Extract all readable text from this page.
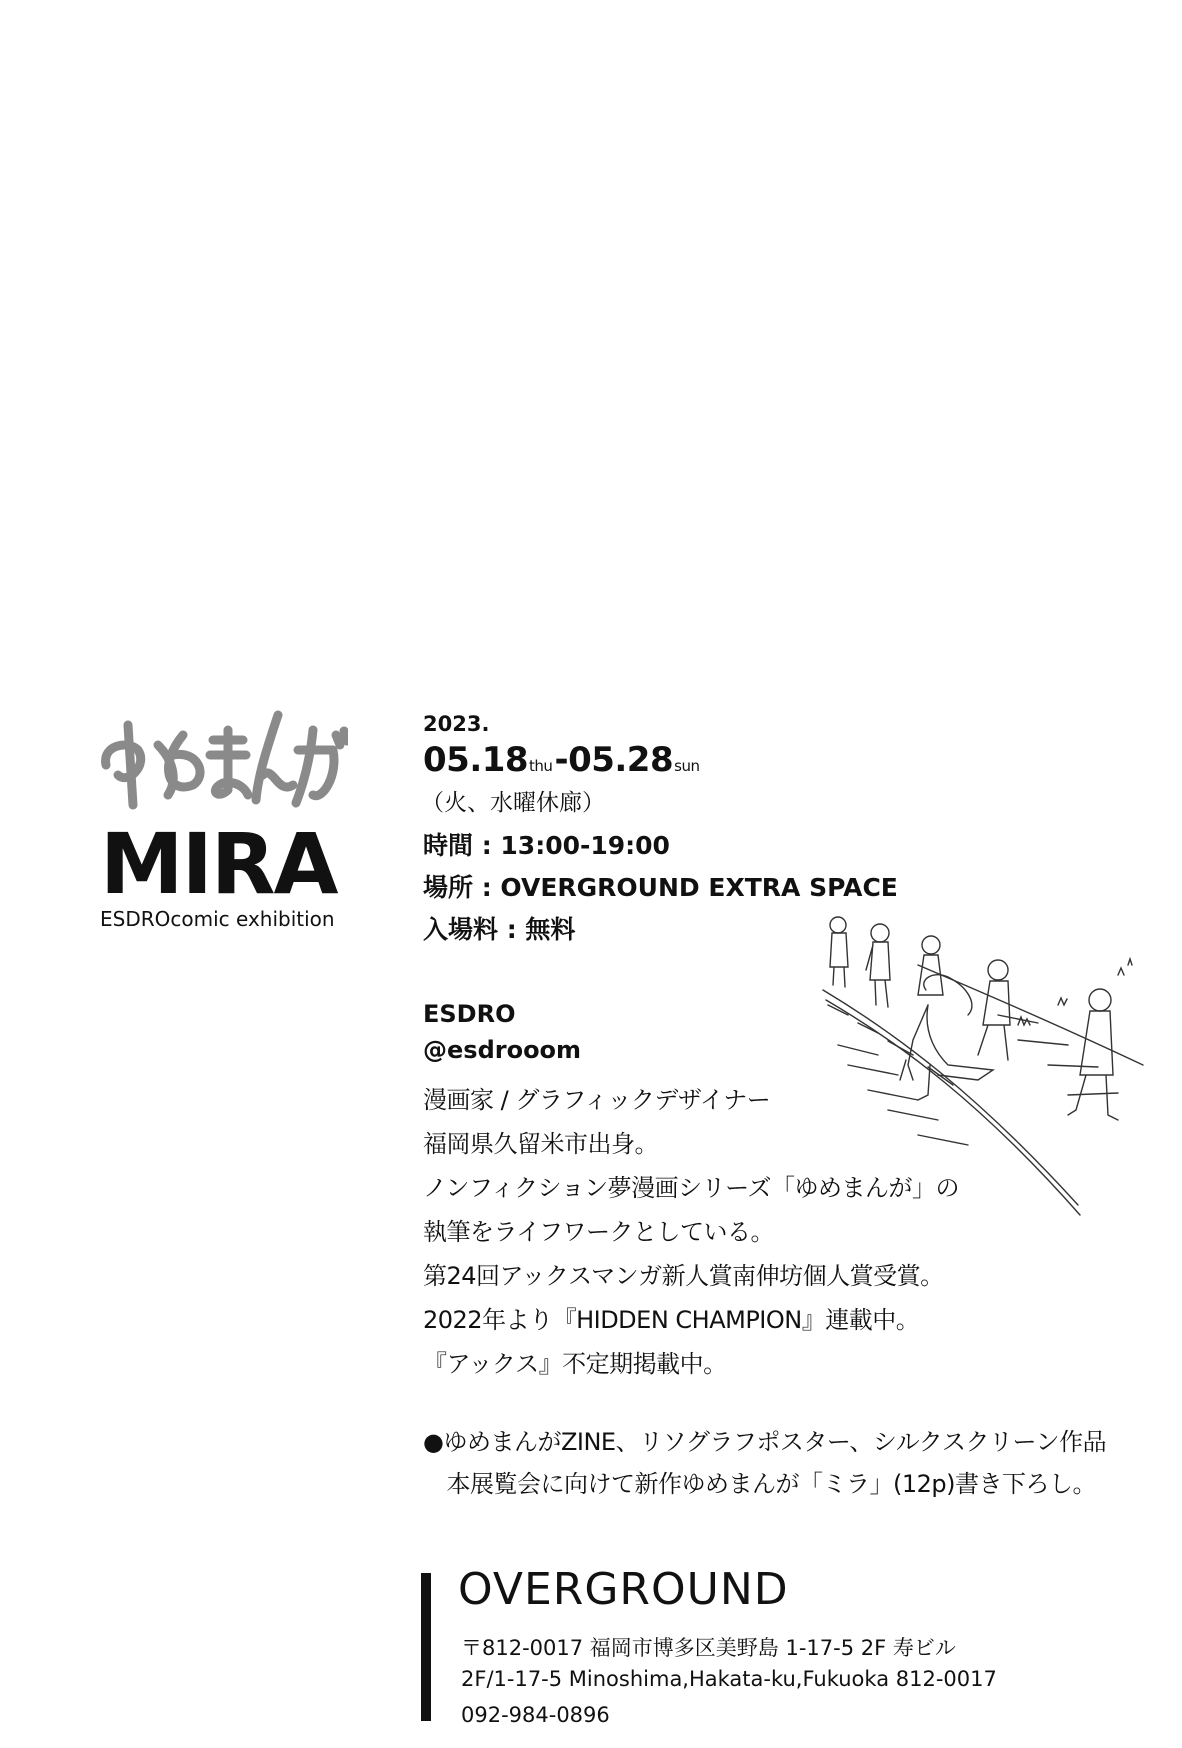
MIRA
ESDROcomic exhibition
2023.
05.18thu-05.28sun
（火、水曜休廊）
時間 : 13:00-19:00
場所 : OVERGROUND EXTRA SPACE
入場料 : 無料
ESDRO
@esdrooom
漫画家 / グラフィックデザイナー
福岡県久留米市出身。
ノンフィクション夢漫画シリーズ「ゆめまんが」の
執筆をライフワークとしている。
第24回アックスマンガ新人賞南伸坊個人賞受賞。
2022年より『HIDDEN CHAMPION』連載中。
『アックス』不定期掲載中。
●ゆめまんがZINE、リソグラフポスター、シルクスクリーン作品
　本展覧会に向けて新作ゆめまんが「ミラ」(12p)書き下ろし。
OVERGROUND
〒812-0017 福岡市博多区美野島 1-17-5 2F 寿ビル
2F/1-17-5 Minoshima,Hakata-ku,Fukuoka 812-0017
092-984-0896
